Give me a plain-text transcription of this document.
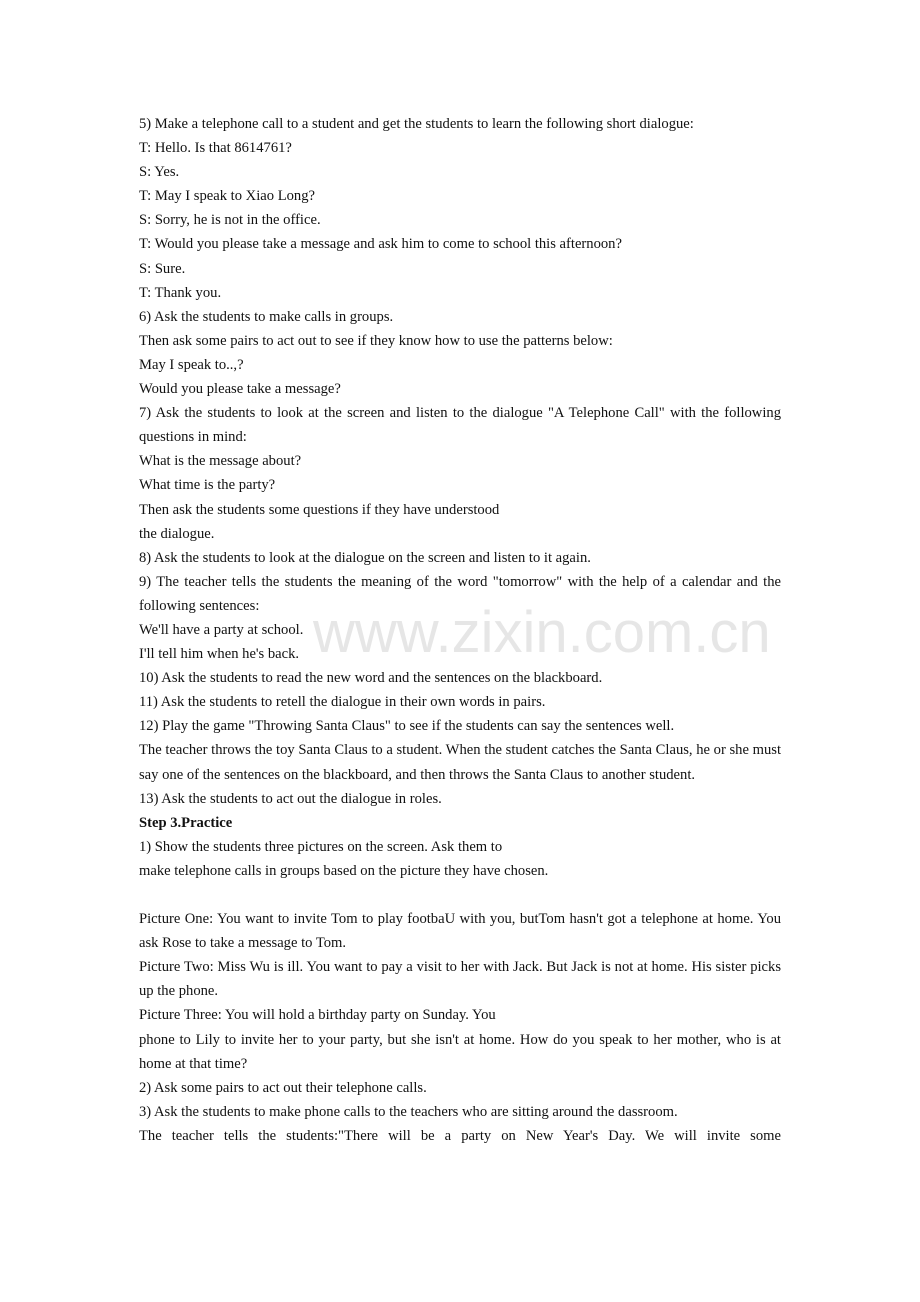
5) Make a telephone call to a student and get the students to learn the following short dialogue:
T: Hello. Is that 8614761?
S: Yes.
T: May I speak to Xiao Long?
S: Sorry, he is not in the office.
T: Would you please take a message and ask him to come to school this afternoon?
S: Sure.
T: Thank you.
6) Ask the students to make calls in groups.
Then ask some pairs to act out to see if they know how to use the patterns below:
May I speak to..,?
Would you please take a message?
7) Ask the students to look at the screen and listen to the dialogue "A Telephone Call" with the following questions in mind:
What is the message about?
What time is the party?
Then ask the students some questions if they have understood
the dialogue.
8) Ask the students to look at the dialogue on the screen and listen to it again.
9) The teacher tells the students the meaning of the word "tomorrow" with the help of a calendar and the following sentences:
We'll have a party at school.
I'll tell him when he's back.
10) Ask the students to read the new word and the sentences on the blackboard.
11) Ask the students to retell the dialogue in their own words in pairs.
12) Play the game "Throwing Santa Claus" to see if the students can say the sentences well.
The teacher throws the toy Santa Claus to a student. When the student catches the Santa Claus, he or she must say one of the sentences on the blackboard, and then throws the Santa Claus to another student.
13) Ask the students to act out the dialogue in roles.
Step 3.Practice
1) Show the students three pictures on the screen. Ask them to
make telephone calls in groups based on the picture they have chosen.
Picture One: You want to invite Tom to play footbaU with you, butTom hasn't got a telephone at home. You ask Rose to take a message to Tom.
Picture Two: Miss Wu is ill. You want to pay a visit to her with Jack. But Jack is not at home. His sister picks up the phone.
Picture Three: You will hold a birthday party on Sunday. You
phone to Lily to invite her to your party, but she isn't at home. How do you speak to her mother, who is at home at that time?
2) Ask some pairs to act out their telephone calls.
3) Ask the students to make phone calls to the teachers who are sitting around the dassroom.
The teacher tells the students:"There will be a party on New Year's Day. We will invite some
www.zixin.com.cn
